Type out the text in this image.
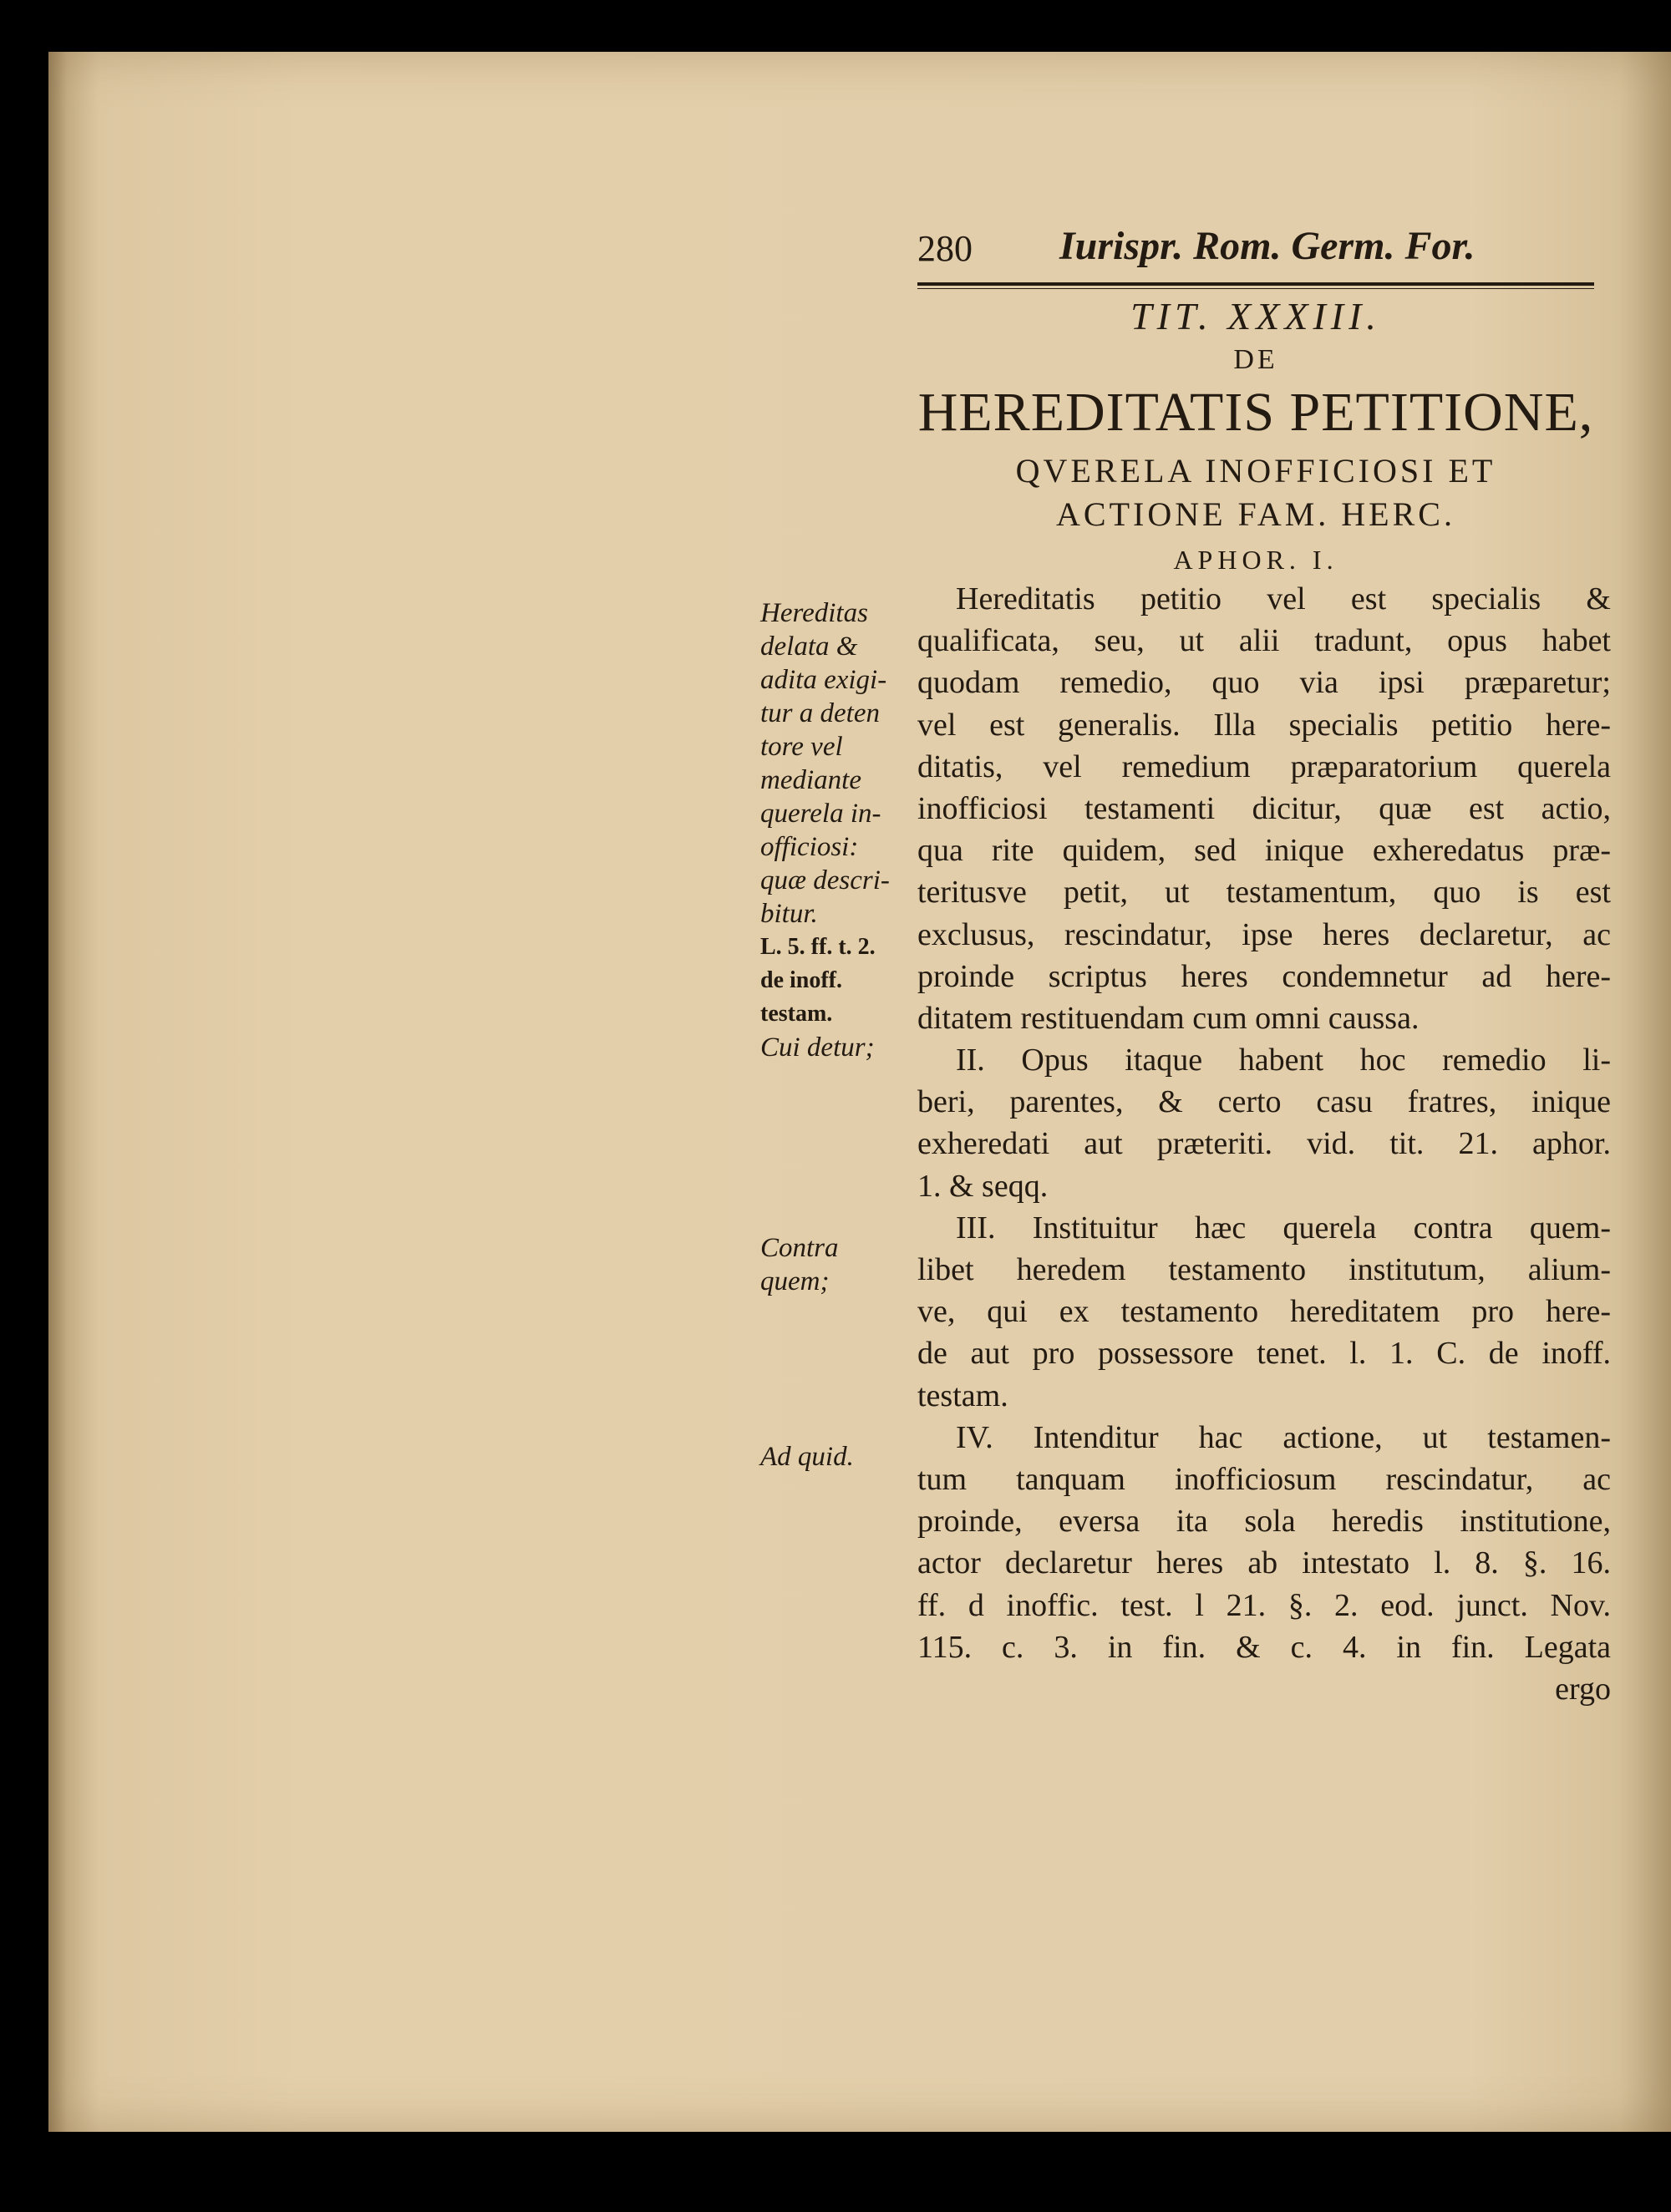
280 Iurispr. Rom. Germ. For.
TIT. XXXIII.
DE
HEREDITATIS PETITIONE,
QVERELA INOFFICIOSI ET
ACTIONE FAM. HERC.
APHOR. I.
Hereditas
delata &
adita exigi-
tur a deten
tore vel
mediante
querela in-
officiosi:
quæ descri-
bitur.
L. 5. ff. t. 2.
de inoff.
testam.
Cui detur;
Contra
quem;
Ad quid.

Hereditatis petitio vel est specialis &
qualificata, seu, ut alii tradunt, opus habet
quodam remedio, quo via ipsi præparetur;
vel est generalis. Illa specialis petitio here-
ditatis, vel remedium præparatorium querela
inofficiosi testamenti dicitur, quæ est actio,
qua rite quidem, sed inique exheredatus præ-
teritusve petit, ut testamentum, quo is est
exclusus, rescindatur, ipse heres declaretur, ac
proinde scriptus heres condemnetur ad here-
ditatem restituendam cum omni caussa.

II. Opus itaque habent hoc remedio li-
beri, parentes, & certo casu fratres, inique
exheredati aut præteriti. vid. tit. 21. aphor.
1. & seqq.

III. Instituitur hæc querela contra quem-
libet heredem testamento institutum, alium-
ve, qui ex testamento hereditatem pro here-
de aut pro possessore tenet. l. 1. C. de inoff.
testam.

IV. Intenditur hac actione, ut testamen-
tum tanquam inofficiosum rescindatur, ac
proinde, eversa ita sola heredis institutione,
actor declaretur heres ab intestato l. 8. §. 16.
ff. d inoffic. test. l 21. §. 2. eod. junct. Nov.
115. c. 3. in fin. & c. 4. in fin. Legata

ergo
